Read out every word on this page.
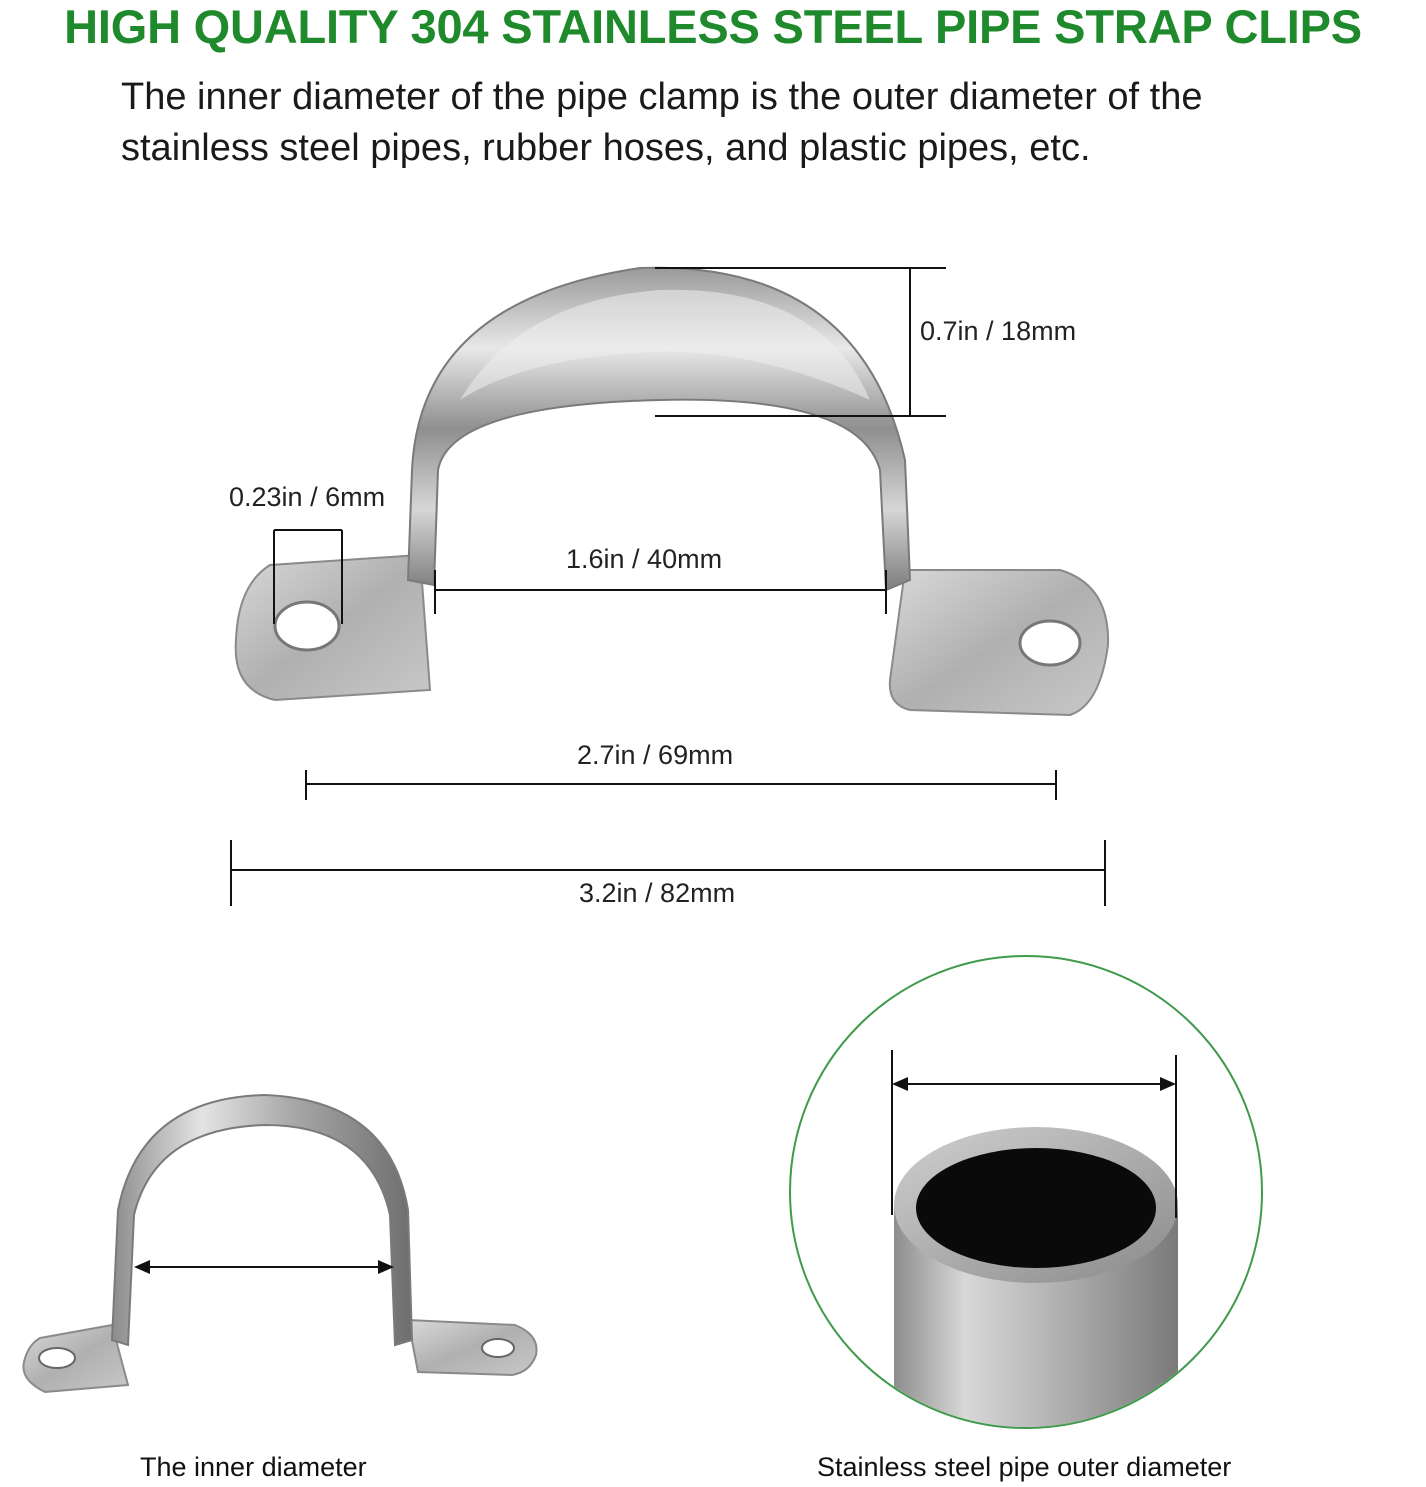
HIGH QUALITY 304 STAINLESS STEEL PIPE STRAP CLIPS
The inner diameter of the pipe clamp is the outer diameter of the
stainless steel pipes, rubber hoses, and plastic pipes, etc.
0.7in / 18mm
0.23in / 6mm
1.6in / 40mm
2.7in / 69mm
3.2in / 82mm
The inner diameter	Stainless steel pipe outer diameter
